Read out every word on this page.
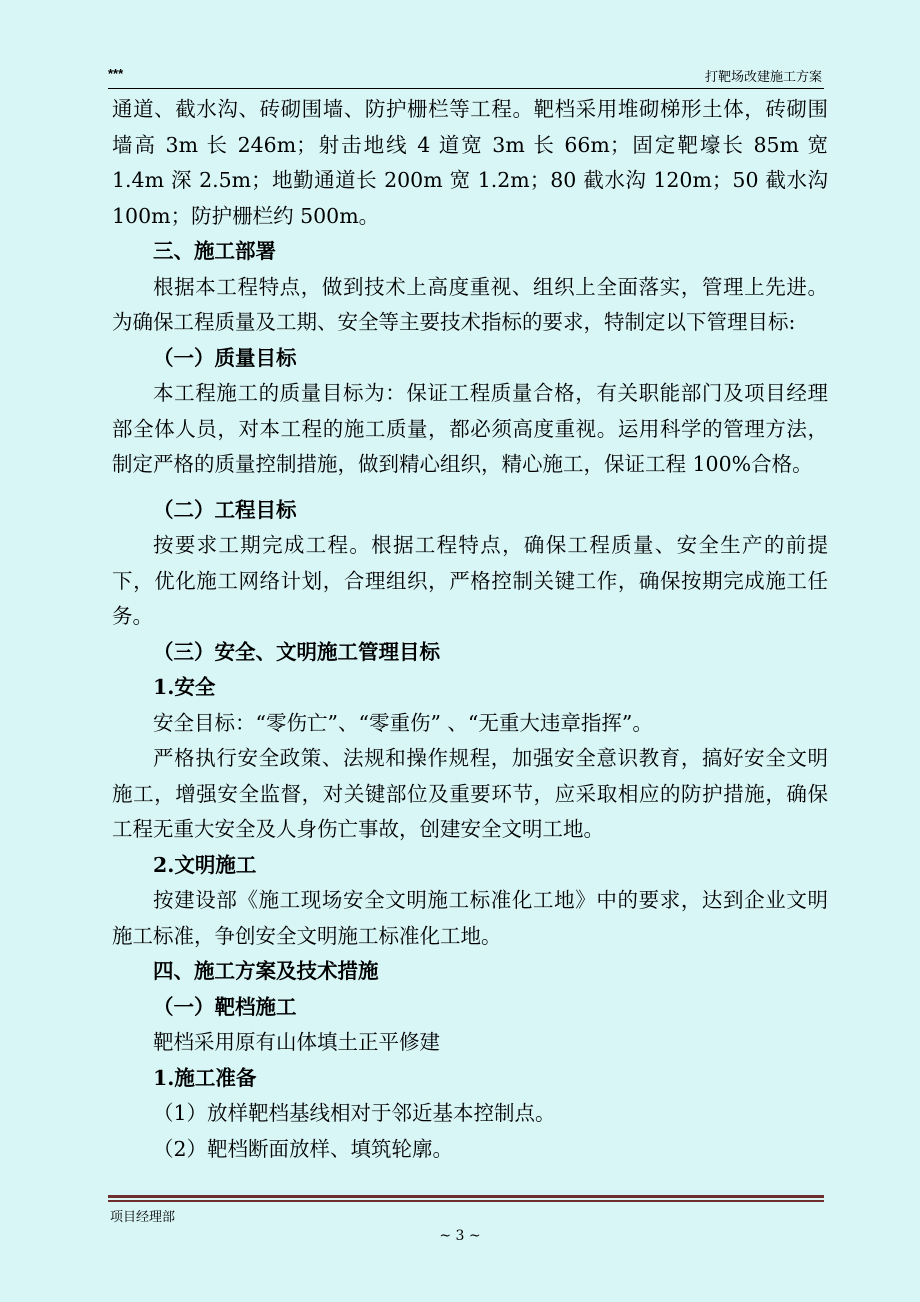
***	打靶场改建施工方案

通道、截水沟、砖砌围墙、防护栅栏等工程。靶档采用堆砌梯形土体，砖砌围墙高 3m 长 246m；射击地线 4 道宽 3m 长 66m；固定靶壕长 85m 宽 1.4m 深 2.5m；地勤通道长 200m 宽 1.2m；80 截水沟 120m；50 截水沟 100m；防护栅栏约 500m。

三、施工部署

根据本工程特点，做到技术上高度重视、组织上全面落实，管理上先进。为确保工程质量及工期、安全等主要技术指标的要求，特制定以下管理目标:

（一）质量目标

本工程施工的质量目标为：保证工程质量合格，有关职能部门及项目经理部全体人员，对本工程的施工质量，都必须高度重视。运用科学的管理方法，制定严格的质量控制措施，做到精心组织，精心施工，保证工程 100%合格。

（二）工程目标

按要求工期完成工程。根据工程特点，确保工程质量、安全生产的前提下，优化施工网络计划，合理组织，严格控制关键工作，确保按期完成施工任务。

（三）安全、文明施工管理目标

1.安全

安全目标：“零伤亡”、“零重伤” 、“无重大违章指挥”。

严格执行安全政策、法规和操作规程，加强安全意识教育，搞好安全文明施工，增强安全监督，对关键部位及重要环节，应采取相应的防护措施，确保工程无重大安全及人身伤亡事故，创建安全文明工地。

2.文明施工

按建设部《施工现场安全文明施工标准化工地》中的要求，达到企业文明施工标准，争创安全文明施工标准化工地。

四、施工方案及技术措施

（一）靶档施工

靶档采用原有山体填土正平修建

1.施工准备

（1）放样靶档基线相对于邻近基本控制点。

（2）靶档断面放样、填筑轮廓。

项目经理部
~ 3 ~
